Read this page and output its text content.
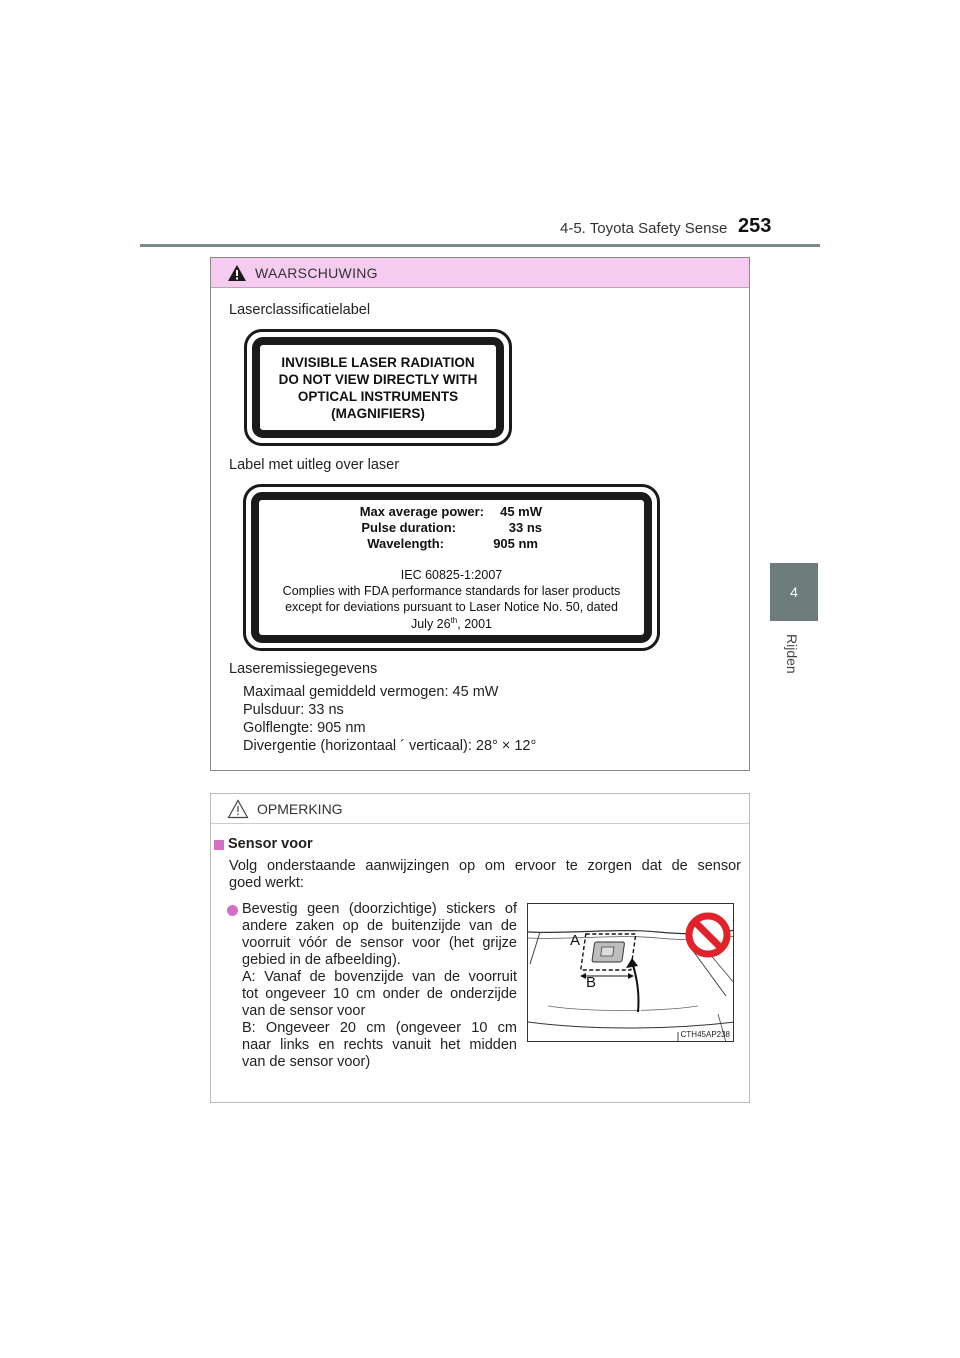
4-5. Toyota Safety Sense 253
4
Rijden
WAARSCHUWING
Laserclassificatielabel
INVISIBLE LASER RADIATION
DO NOT VIEW DIRECTLY WITH
OPTICAL INSTRUMENTS
(MAGNIFIERS)
Label met uitleg over laser
Max average power: 45 mW
Pulse duration:	33 ns
Wavelength:	905 nm
IEC 60825-1:2007
Complies with FDA performance standards for laser products
except for deviations pursuant to Laser Notice No. 50, dated
July 26th, 2001
Laseremissiegegevens
Maximaal gemiddeld vermogen: 45 mW
Pulsduur: 33 ns
Golflengte: 905 nm
Divergentie (horizontaal ´ verticaal): 28° × 12°
OPMERKING
Sensor voor
Volg onderstaande aanwijzingen op om ervoor te zorgen dat de sensor
goed werkt:
Bevestig geen (doorzichtige) stickers of
andere zaken op de buitenzijde van de
voorruit vóór de sensor voor (het grijze
gebied in de afbeelding).
A: Vanaf de bovenzijde van de voorruit
tot ongeveer 10 cm onder de onderzijde
van de sensor voor
B: Ongeveer 20 cm (ongeveer 10 cm
naar links en rechts vanuit het midden
van de sensor voor)
A
B
CTH45AP238
